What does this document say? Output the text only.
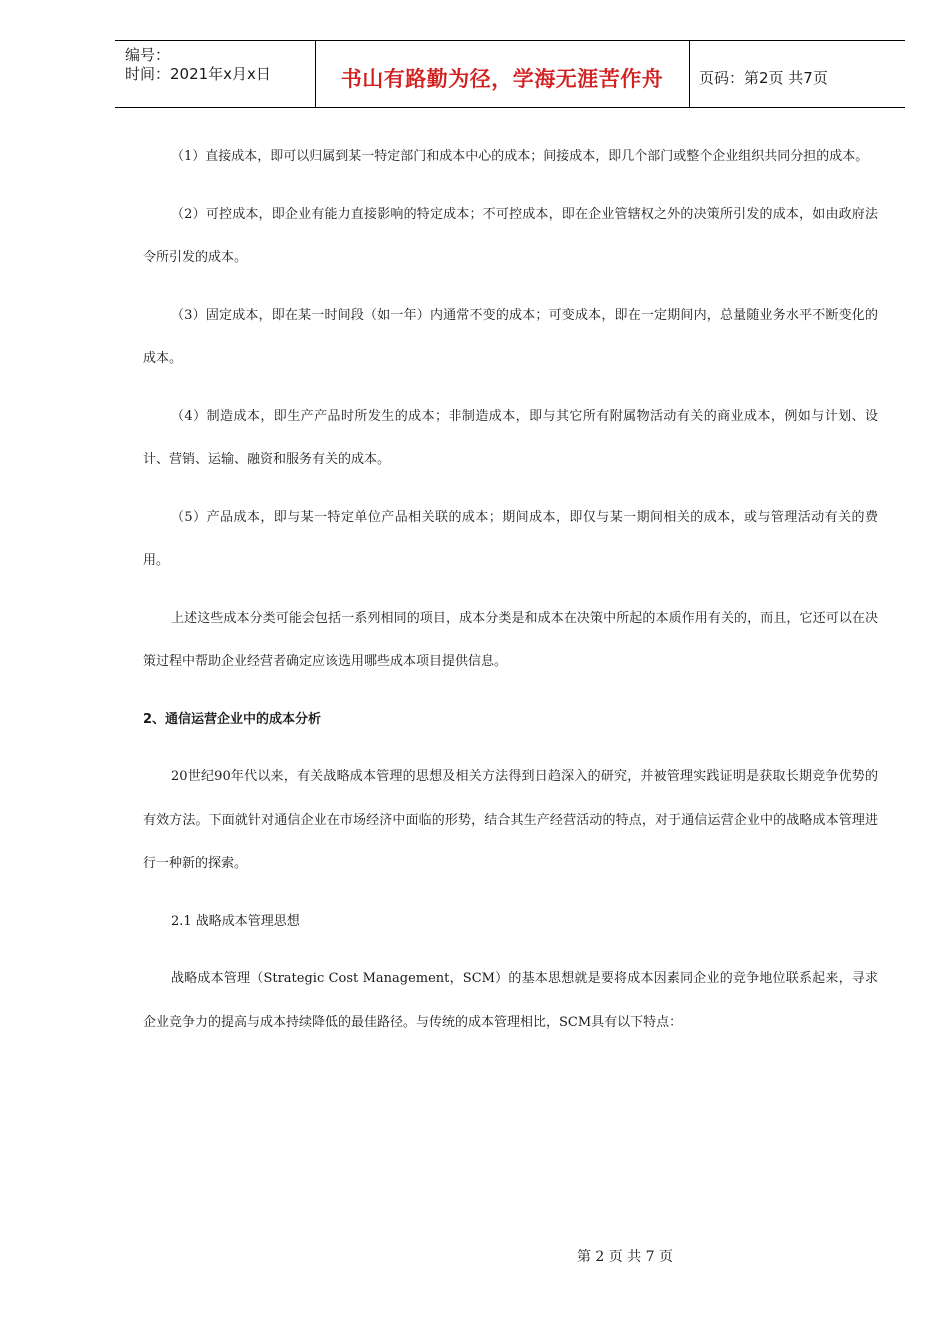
编号：
时间：2021年x月x日	书山有路勤为径，学海无涯苦作舟	页码：第2页 共7页

（1）直接成本，即可以归属到某一特定部门和成本中心的成本；间接成本，即几个部门或整个企业组织共同分担的成本。

（2）可控成本，即企业有能力直接影响的特定成本；不可控成本，即在企业管辖权之外的决策所引发的成本，如由政府法令所引发的成本。

（3）固定成本，即在某一时间段（如一年）内通常不变的成本；可变成本，即在一定期间内，总量随业务水平不断变化的成本。

（4）制造成本，即生产产品时所发生的成本；非制造成本，即与其它所有附属物活动有关的商业成本，例如与计划、设计、营销、运输、融资和服务有关的成本。

（5）产品成本，即与某一特定单位产品相关联的成本；期间成本，即仅与某一期间相关的成本，或与管理活动有关的费用。

上述这些成本分类可能会包括一系列相同的项目，成本分类是和成本在决策中所起的本质作用有关的，而且，它还可以在决策过程中帮助企业经营者确定应该选用哪些成本项目提供信息。

2、通信运营企业中的成本分析

20世纪90年代以来，有关战略成本管理的思想及相关方法得到日趋深入的研究，并被管理实践证明是获取长期竞争优势的有效方法。下面就针对通信企业在市场经济中面临的形势，结合其生产经营活动的特点，对于通信运营企业中的战略成本管理进行一种新的探索。

2.1 战略成本管理思想

战略成本管理（Strategic Cost Management，SCM）的基本思想就是要将成本因素同企业的竞争地位联系起来，寻求企业竞争力的提高与成本持续降低的最佳路径。与传统的成本管理相比，SCM具有以下特点：

第 2 页 共 7 页
